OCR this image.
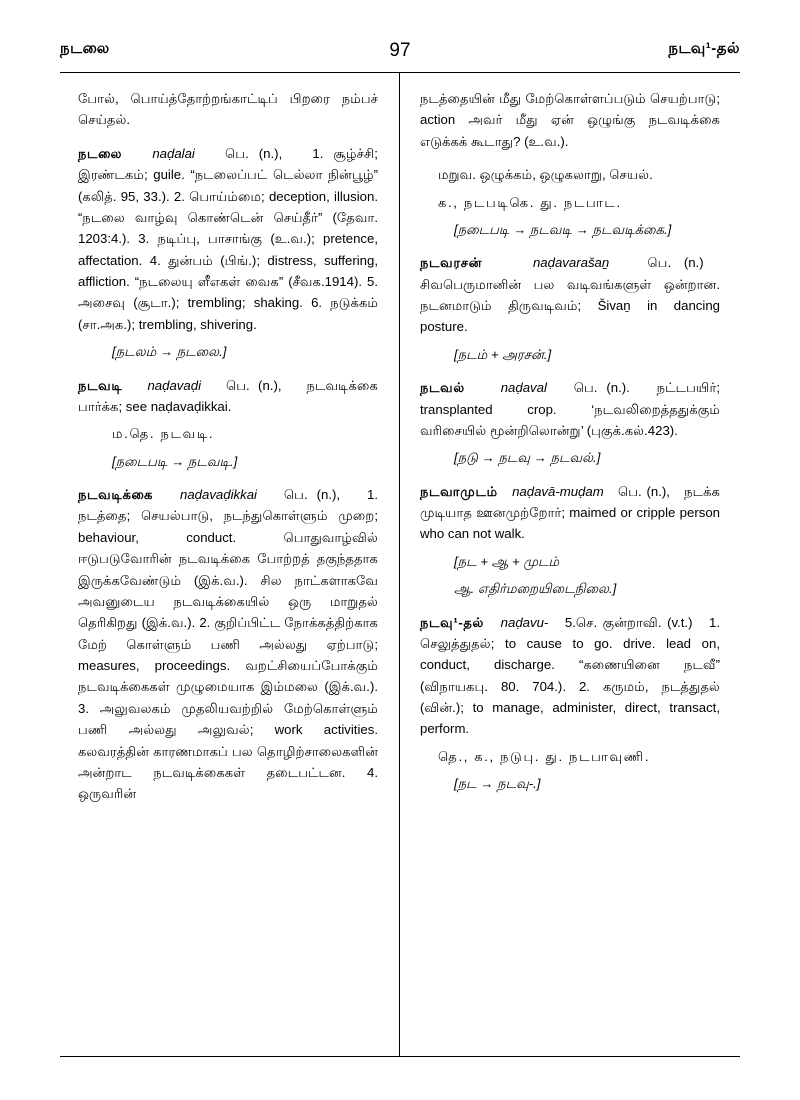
நடலை	97	நடவு¹-தல்

போல், பொய்த்தோற்றங்காட்டிப் பிறரை நம்பச் செய்தல்.

நடலை naḍalai பெ. (n.), 1. சூழ்ச்சி; இரண்டகம்; guile. “நடலைப்பட் டெல்லா நின்பூழ்” (கலித். 95, 33.). 2. பொய்ம்மை; deception, illusion. “நடலை வாழ்வு கொண்டென் செய்தீர்” (தேவா. 1203:4.). 3. நடிப்பு, பாசாங்கு (உ.வ.); pretence, affectation. 4. துன்பம் (பிங்.); distress, suffering, affliction. “நடலையு ளீஎகள் வைக” (சீவக.1914). 5. அசைவு (சூடா.); trembling; shaking. 6. நடுக்கம் (சா.அக.); trembling, shivering.

[நடலம் → நடலை.]

நடவடி naḍavaḍi பெ. (n.), நடவடிக்கை பார்க்க; see naḍavaḍikkai.

ம.தெ. நடவடி.

[நடைபடி → நடவடி.]

நடவடிக்கை naḍavaḍikkai பெ. (n.), 1. நடத்தை; செயல்பாடு, நடந்துகொள்ளும் முறை; behaviour, conduct. பொதுவாழ்வில் ஈடுபடுவோரின் நடவடிக்கை போற்றத் தகுந்ததாக இருக்கவேண்டும் (இக்.வ.). சில நாட்களாகவே அவனுடைய நடவடிக்கையில் ஒரு மாறுதல் தெரிகிறது (இக்.வ.). 2. குறிப்பிட்ட நோக்கத்திற்காக மேற் கொள்ளும் பணி அல்லது ஏற்பாடு; measures, proceedings. வறட்சியைப்போக்கும் நடவடிக்கைகள் முழுமையாக இம்மலை (இக்.வ.). 3. அலுவலகம் முதலியவற்றில் மேற்கொள்ளும் பணி அல்லது அலுவல்; work activities. கலவரத்தின் காரணமாகப் பல தொழிற்சாலைகளின் அன்றாட நடவடிக்கைகள் தடைபட்டன. 4. ஒருவரின்

நடத்தையின் மீது மேற்கொள்ளப்படும் செயற்பாடு; action அவர் மீது ஏன் ஒழுங்கு நடவடிக்கை எடுக்கக் கூடாது? (உ.வ.).

மறுவ. ஒழுக்கம், ஒழுகலாறு, செயல்.

க., நடபடிகெ. து. நடபாட.

[நடைபடி → நடவடி → நடவடிக்கை.]

நடவரசன்	naḍavarašaṉ	பெ. (n.)   சிவபெருமானின் பல வடிவங்களுள் ஒன்றான. நடனமாடும் திருவடிவம்; Šivaṉ in dancing posture.

[நடம் + அரசன்.]

நடவல்	naḍaval பெ. (n.). நட்டபயிர்; transplanted crop. ‘நடவலிறைத்ததுக்கும் வரிசையில் மூன்றிலொன்று’ (புகுக்.கல்.423).

[நடு → நடவு → நடவல்.]

நடவாமுடம் naḍavā-muḍam பெ. (n.), நடக்க முடியாத ஊனமுற்றோர்; maimed or cripple person who can not walk.

[நட + ஆ + முடம்

ஆ. எதிர்மறையிடைநிலை.]

நடவு¹-தல் naḍavu- 5.செ. குன்றாவி. (v.t.) 1. செலுத்துதல்; to cause to go. drive. lead on, conduct, discharge. “கணையினை நடவீ” (விநாயகபு. 80. 704.). 2. கருமம், நடத்துதல் (வின்.); to manage, administer, direct, transact, perform.

தெ., க., நடுபு. து. நடபாவுணி.

[நட → நடவு-.]
